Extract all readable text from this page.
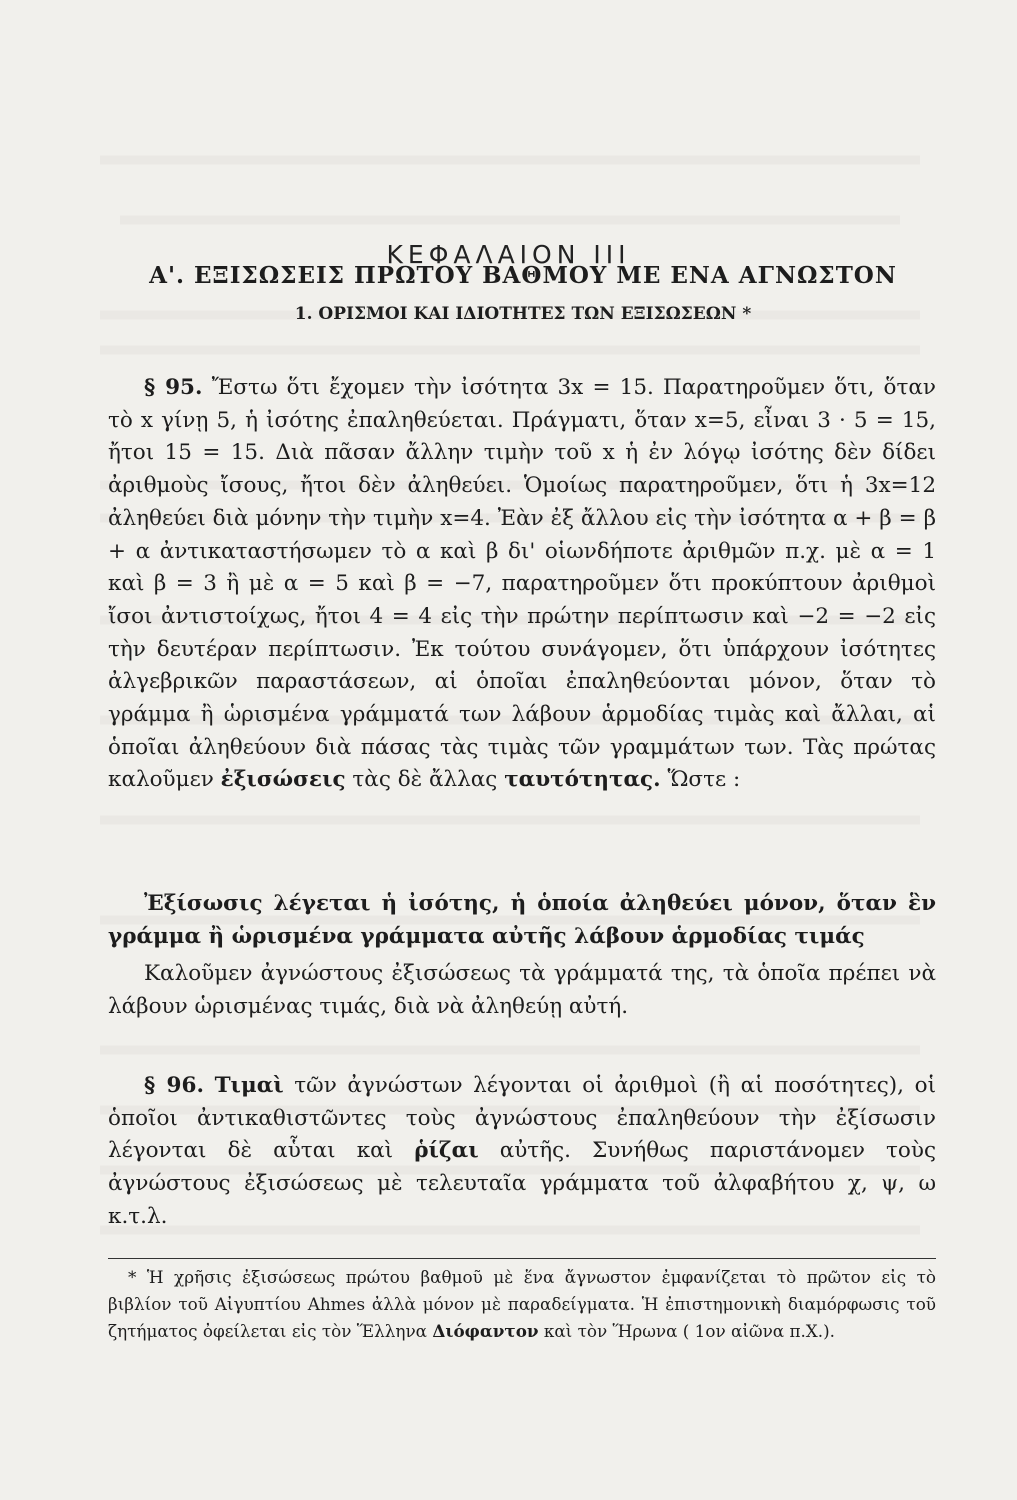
ΚΕΦΑΛΑΙΟΝ ΙΙΙ
Α'. ΕΞΙΣΩΣΕΙΣ ΠΡΩΤΟΥ ΒΑΘΜΟΥ ΜΕ ΕΝΑ ΑΓΝΩΣΤΟΝ
1. ΟΡΙΣΜΟΙ ΚΑΙ ΙΔΙΟΤΗΤΕΣ ΤΩΝ ΕΞΙΣΩΣΕΩΝ *

§ 95. Ἔστω ὅτι ἔχομεν τὴν ἰσότητα 3x = 15. Παρατηροῦμεν ὅτι, ὅταν τὸ x γίνῃ 5, ἡ ἰσότης ἐπαληθεύεται. Πράγματι, ὅταν x=5, εἶναι 3 · 5 = 15, ἤτοι 15 = 15. Διὰ πᾶσαν ἄλλην τιμὴν τοῦ x ἡ ἐν λόγῳ ἰσότης δὲν δίδει ἀριθμοὺς ἴσους, ἤτοι δὲν ἀληθεύει. Ὁμοίως παρατηροῦμεν, ὅτι ἡ 3x=12 ἀληθεύει διὰ μόνην τὴν τιμὴν x=4. Ἐὰν ἐξ ἄλλου εἰς τὴν ἰσότητα α + β = β + α ἀντικαταστήσωμεν τὸ α καὶ β δι' οἱωνδήποτε ἀριθμῶν π.χ. μὲ α = 1 καὶ β = 3 ἢ μὲ α = 5 καὶ β = −7, παρατηροῦμεν ὅτι προκύπτουν ἀριθμοὶ ἴσοι ἀντιστοίχως, ἤτοι 4 = 4 εἰς τὴν πρώτην περίπτωσιν καὶ −2 = −2 εἰς τὴν δευτέραν περίπτωσιν. Ἐκ τούτου συνάγομεν, ὅτι ὑπάρχουν ἰσότητες ἀλγεβρικῶν παραστάσεων, αἱ ὁποῖαι ἐπαληθεύονται μόνον, ὅταν τὸ γράμμα ἢ ὡρισμένα γράμματά των λάβουν ἁρμοδίας τιμὰς καὶ ἄλλαι, αἱ ὁποῖαι ἀληθεύουν διὰ πάσας τὰς τιμὰς τῶν γραμμάτων των. Τὰς πρώτας καλοῦμεν ἐξισώσεις τὰς δὲ ἄλλας ταυτότητας. Ὥστε :

Ἐξίσωσις λέγεται ἡ ἰσότης, ἡ ὁποία ἀληθεύει μόνον, ὅταν ἓν γράμμα ἢ ὡρισμένα γράμματα αὐτῆς λάβουν ἁρμοδίας τιμάς

Καλοῦμεν ἀγνώστους ἐξισώσεως τὰ γράμματά της, τὰ ὁποῖα πρέπει νὰ λάβουν ὡρισμένας τιμάς, διὰ νὰ ἀληθεύῃ αὐτή.

§ 96. Τιμαὶ τῶν ἀγνώστων λέγονται οἱ ἀριθμοὶ (ἢ αἱ ποσότητες), οἱ ὁποῖοι ἀντικαθιστῶντες τοὺς ἀγνώστους ἐπαληθεύουν τὴν ἐξίσωσιν λέγονται δὲ αὗται καὶ ῥίζαι αὐτῆς. Συνήθως παριστάνομεν τοὺς ἀγνώστους ἐξισώσεως μὲ τελευταῖα γράμματα τοῦ ἀλφαβήτου χ, ψ, ω κ.τ.λ.

* Ἡ χρῆσις ἐξισώσεως πρώτου βαθμοῦ μὲ ἕνα ἄγνωστον ἐμφανίζεται τὸ πρῶτον εἰς τὸ βιβλίον τοῦ Αἰγυπτίου Ahmes ἀλλὰ μόνον μὲ παραδείγματα. Ἡ ἐπιστημονικὴ διαμόρφωσις τοῦ ζητήματος ὀφείλεται εἰς τὸν Ἕλληνα Διόφαντον καὶ τὸν Ἥρωνα ( 1ον αἰῶνα π.Χ.).
